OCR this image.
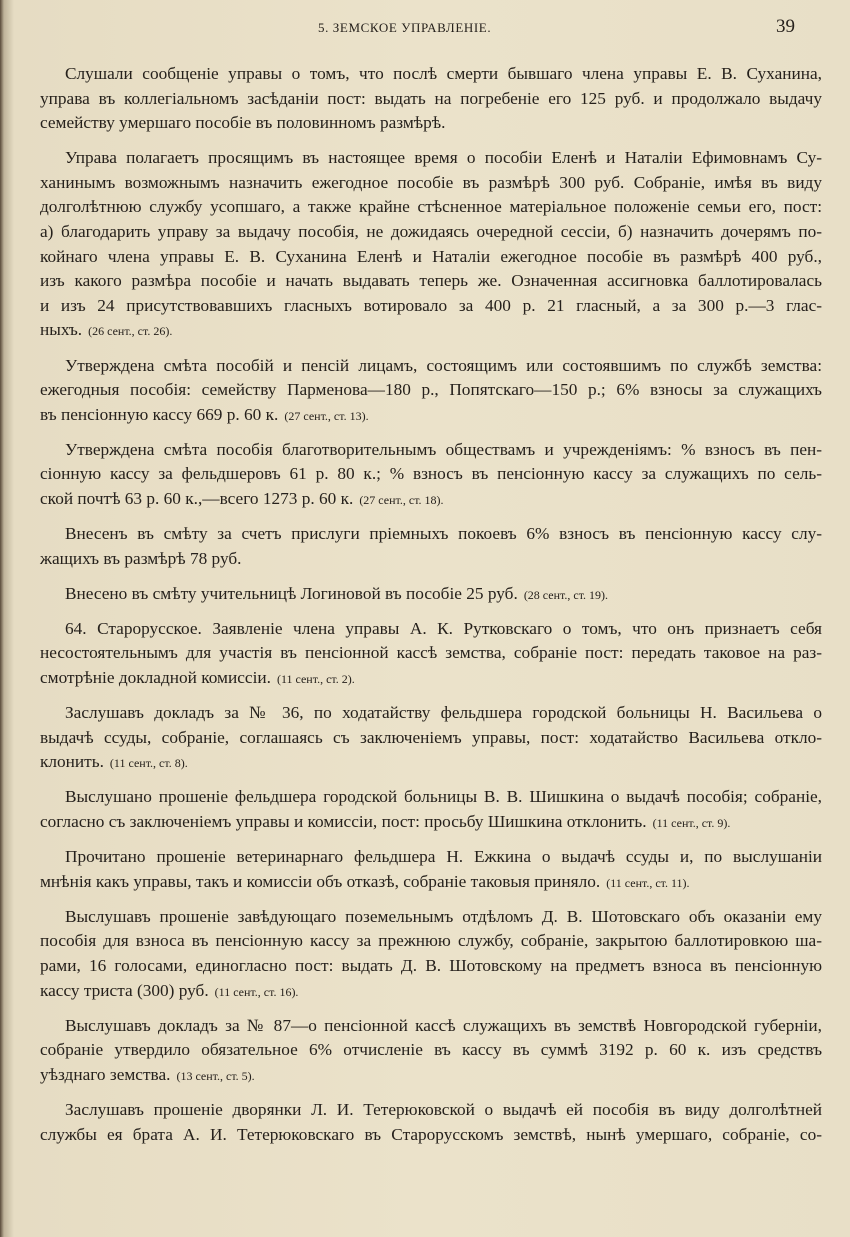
5. ЗЕМСКОЕ УПРАВЛЕНІЕ.	39
Слушали сообщеніе управы о томъ, что послѣ смерти бывшаго члена управы Е. В. Суханина,
управа въ коллегіальномъ засѣданіи пост: выдать на погребеніе его 125 руб. и продолжало выдачу
семейству умершаго пособіе въ половинномъ размѣрѣ.
Управа полагаетъ просящимъ въ настоящее время о пособіи Еленѣ и Наталіи Ефимовнамъ Су-
ханинымъ возможнымъ назначить ежегодное пособіе въ размѣрѣ 300 руб. Собраніе, имѣя въ виду
долголѣтнюю службу усопшаго, а также крайне стѣсненное матеріальное положеніе семьи его, пост:
а) благодарить управу за выдачу пособія, не дожидаясь очередной сессіи, б) назначить дочерямъ по-
койнаго члена управы Е. В. Суханина Еленѣ и Наталіи ежегодное пособіе въ размѣрѣ 400 руб.,
изъ какого размѣра пособіе и начать выдавать теперь же. Означенная ассигновка баллотировалась
и изъ 24 присутствовавшихъ гласныхъ вотировало за 400 р. 21 гласный, а за 300 р.—3 глас-
ныхъ. (26 сент., ст. 26).
Утверждена смѣта пособій и пенсій лицамъ, состоящимъ или состоявшимъ по службѣ земства:
ежегодныя пособія: семейству Парменова—180 р., Попятскаго—150 р.; 6% взносы за служащихъ
въ пенсіонную кассу 669 р. 60 к. (27 сент., ст. 13).
Утверждена смѣта пособія благотворительнымъ обществамъ и учрежденіямъ: % взносъ въ пен-
сіонную кассу за фельдшеровъ 61 р. 80 к.; % взносъ въ пенсіонную кассу за служащихъ по сель-
ской почтѣ 63 р. 60 к.,—всего 1273 р. 60 к. (27 сент., ст. 18).
Внесенъ въ смѣту за счетъ прислуги пріемныхъ покоевъ 6% взносъ въ пенсіонную кассу слу-
жащихъ въ размѣрѣ 78 руб.
Внесено въ смѣту учительницѣ Логиновой въ пособіе 25 руб. (28 сент., ст. 19).
64. Старорусское. Заявленіе члена управы А. К. Рутковскаго о томъ, что онъ признаетъ себя
несостоятельнымъ для участія въ пенсіонной кассѣ земства, собраніе пост: передать таковое на раз-
смотрѣніе докладной комиссіи. (11 сент., ст. 2).
Заслушавъ докладъ за № 36, по ходатайству фельдшера городской больницы Н. Васильева о
выдачѣ ссуды, собраніе, соглашаясь съ заключеніемъ управы, пост: ходатайство Васильева откло-
клонить. (11 сент., ст. 8).
Выслушано прошеніе фельдшера городской больницы В. В. Шишкина о выдачѣ пособія; собраніе,
согласно съ заключеніемъ управы и комиссіи, пост: просьбу Шишкина отклонить. (11 сент., ст. 9).
Прочитано прошеніе ветеринарнаго фельдшера Н. Ежкина о выдачѣ ссуды и, по выслушаніи
мнѣнія какъ управы, такъ и комиссіи объ отказѣ, собраніе таковыя приняло. (11 сент., ст. 11).
Выслушавъ прошеніе завѣдующаго поземельнымъ отдѣломъ Д. В. Шотовскаго объ оказаніи ему
пособія для взноса въ пенсіонную кассу за прежнюю службу, собраніе, закрытою баллотировкою ша-
рами, 16 голосами, единогласно пост: выдать Д. В. Шотовскому на предметъ взноса въ пенсіонную
кассу триста (300) руб. (11 сент., ст. 16).
Выслушавъ докладъ за № 87—о пенсіонной кассѣ служащихъ въ земствѣ Новгородской губерніи,
собраніе утвердило обязательное 6% отчисленіе въ кассу въ суммѣ 3192 р. 60 к. изъ средствъ
уѣзднаго земства. (13 сент., ст. 5).
Заслушавъ прошеніе дворянки Л. И. Тетерюковской о выдачѣ ей пособія въ виду долголѣтней
службы ея брата А. И. Тетерюковскаго въ Старорусскомъ земствѣ, нынѣ умершаго, собраніе, со-
